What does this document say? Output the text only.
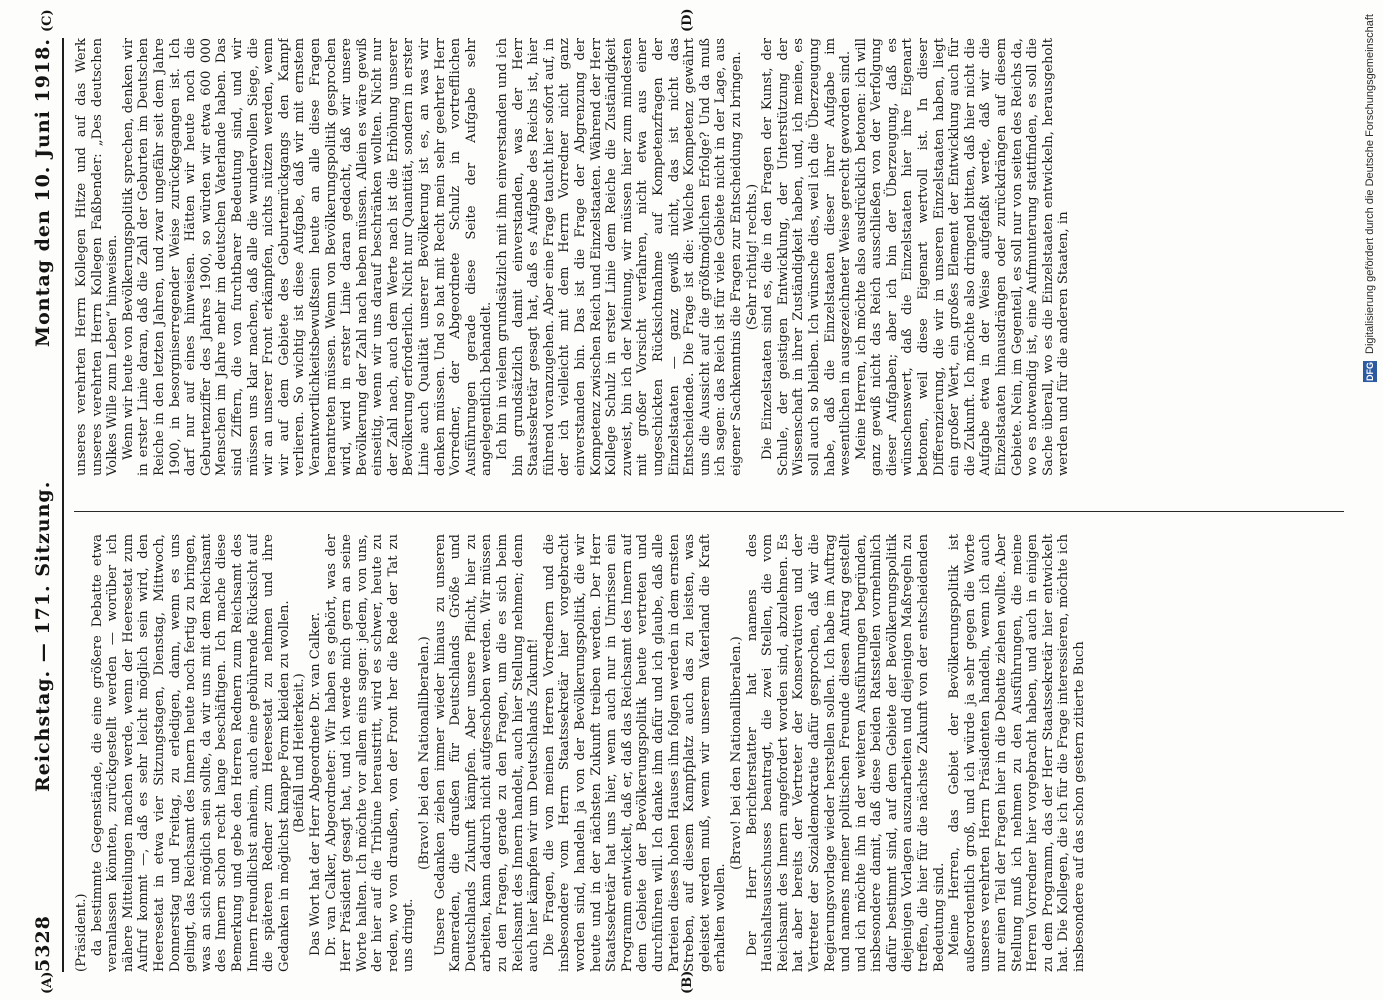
5328
Reichstag. — 171. Sitzung.
Montag den 10. Juni 1918.
(A)	(B)
(C)	(D)

(Präsident.) da bestimmte Gegenstände, die eine größere Debatte etwa veranlassen könnten, zurückgestellt werden — worüber ich nähere Mitteilungen machen werde, wenn der Heeresetat zum Aufruf kommt —, daß es sehr leicht möglich sein wird, den Heeresetat in etwa vier Sitzungstagen, Dienstag, Mittwoch, Donnerstag und Freitag, zu erledigen, dann, wenn es uns gelingt, das Reichsamt des Innern heute noch fertig zu bringen, was an sich möglich sein sollte, da wir uns mit dem Reichsamt des Innern schon recht lange beschäftigen. Ich mache diese Bemerkung und gebe den Herren Rednern zum Reichsamt des Innern freundlichst anheim, auch eine gebührende Rücksicht auf die späteren Redner zum Heeresetat zu nehmen und ihre Gedanken in möglichst knappe Form kleiden zu wollen. (Beifall und Heiterkeit.) Das Wort hat der Herr Abgeordnete Dr. van Calker. Dr. van Calker, Abgeordneter: Wir haben es gehört, was der Herr Präsident gesagt hat, und ich werde mich gern an seine Worte halten. Ich möchte vor allem eins sagen: jedem, von uns, der hier auf die Tribüne heraustritt, wird es schwer, heute zu reden, wo von draußen, von der Front her die Rede der Tat zu uns dringt.

(Bravo! bei den Nationalliberalen.) Unsere Gedanken ziehen immer wieder hinaus zu unseren Kameraden, die draußen für Deutschlands Größe und Deutschlands Zukunft kämpfen. Aber unsere Pflicht, hier zu arbeiten, kann dadurch nicht aufgeschoben werden. Wir müssen zu den Fragen, gerade zu den Fragen, um die es sich beim Reichsamt des Innern handelt, auch hier Stellung nehmen; denn auch hier kämpfen wir um Deutschlands Zukunft! Die Fragen, die von meinen Herren Vorrednern und die insbesondere vom Herrn Staatssekretär hier vorgebracht worden sind, handeln ja von der Bevölkerungspolitik, die wir heute und in der nächsten Zukunft treiben werden. Der Herr Staatssekretär hat uns hier, wenn auch nur in Umrissen ein Programm entwickelt, daß er, daß das Reichsamt des Innern auf dem Gebiete der Bevölkerungspolitik heute vertreten und durchführen will. Ich danke ihm dafür und ich glaube, daß alle Parteien dieses hohen Hauses ihm folgen werden in dem ernsten Streben, auf diesem Kampfplatz auch das zu leisten, was geleistet werden muß, wenn wir unserem Vaterland die Kraft erhalten wollen.

(Bravo! bei den Nationalliberalen.) Der Herr Berichterstatter hat namens des Haushaltsausschusses beantragt, die zwei Stellen, die vom Reichsamt des Innern angefordert worden sind, abzulehnen. Es hat aber bereits der Vertreter der Konservativen und der Vertreter der Sozialdemokratie dafür gesprochen, daß wir die Regierungsvorlage wieder herstellen sollen. Ich habe im Auftrag und namens meiner politischen Freunde diesen Antrag gestellt und ich möchte ihn in der weiteren Ausführungen begründen, insbesondere damit, daß diese beiden Ratsstellen vornehmlich dafür bestimmt sind, auf dem Gebiete der Bevölkerungspolitik diejenigen Vorlagen auszuarbeiten und diejenigen Maßregeln zu treffen, die hier für die nächste Zukunft von der entscheidenden Bedeutung sind. Meine Herren, das Gebiet der Bevölkerungspolitik ist außerordentlich groß, und ich würde ja sehr gegen die Worte unseres verehrten Herrn Präsidenten handeln, wenn ich auch nur einen Teil der Fragen hier in die Debatte ziehen wollte. Aber Stellung muß ich nehmen zu den Ausführungen, die meine Herren Vorredner hier vorgebracht haben, und auch in einigen zu dem Programm, das der Herr Staatssekretär hier entwickelt hat. Die Kollegen, die ich für die Frage interessieren, möchte ich insbesondere auf das schon gestern zitierte Buch

unseres verehrten Herrn Kollegen Hitze und auf das Werk unseres verehrten Herrn Kollegen Faßbender: „Des deutschen Volkes Wille zum Leben“ hinweisen. Wenn wir heute von Bevölkerungspolitik sprechen, denken wir in erster Linie daran, daß die Zahl der Geburten im Deutschen Reiche in den letzten Jahren, und zwar ungefähr seit dem Jahre 1900, in besorgniserregender Weise zurückgegangen ist. Ich darf nur auf eines hinweisen. Hätten wir heute noch die Geburtenziffer des Jahres 1900, so würden wir etwa 600 000 Menschen im Jahre mehr im deutschen Vaterlande haben. Das sind Ziffern, die von furchtbarer Bedeutung sind, und wir müssen uns klar machen, daß alle die wundervollen Siege, die wir an unserer Front erkämpfen, nichts nützen werden, wenn wir auf dem Gebiete des Geburtenrückgangs den Kampf verlieren. So wichtig ist diese Aufgabe, daß wir mit ernstem Verantwortlichkeitsbewußtsein heute an alle diese Fragen herantreten müssen. Wenn von Bevölkerungspolitik gesprochen wird, wird in erster Linie daran gedacht, daß wir unsere Bevölkerung der Zahl nach heben müssen. Allein es wäre gewiß einseitig, wenn wir uns darauf beschränken wollten. Nicht nur der Zahl nach, auch dem Werte nach ist die Erhöhung unserer Bevölkerung erforderlich. Nicht nur Quantität, sondern in erster Linie auch Qualität unserer Bevölkerung ist es, an was wir denken müssen. Und so hat mit Recht mein sehr geehrter Herr Vorredner, der Abgeordnete Schulz in vortrefflichen Ausführungen gerade diese Seite der Aufgabe sehr angelegentlich behandelt. Ich bin in vielem grundsätzlich mit ihm einverstanden und ich bin grundsätzlich damit einverstanden, was der Herr Staatssekretär gesagt hat, daß es Aufgabe des Reichs ist, hier führend voranzugehen. Aber eine Frage taucht hier sofort auf, in der ich vielleicht mit dem Herrn Vorredner nicht ganz einverstanden bin. Das ist die Frage der Abgrenzung der Kompetenz zwischen Reich und Einzelstaaten. Während der Herr Kollege Schulz in erster Linie dem Reiche die Zuständigkeit zuweist, bin ich der Meinung, wir müssen hier zum mindesten mit großer Vorsicht verfahren, nicht etwa aus einer ungeschickten Rücksichtnahme auf Kompetenzfragen der Einzelstaaten — ganz gewiß nicht, das ist nicht das Entscheidende. Die Frage ist die: Welche Kompetenz gewährt uns die Aussicht auf die größtmöglichen Erfolge? Und da muß ich sagen: das Reich ist für viele Gebiete nicht in der Lage, aus eigener Sachkenntnis die Fragen zur Entscheidung zu bringen. (Sehr richtig! rechts.) Die Einzelstaaten sind es, die in den Fragen der Kunst, der Schule, der geistigen Entwicklung, der Unterstützung der Wissenschaft in ihrer Zuständigkeit haben, und, ich meine, es soll auch so bleiben. Ich wünsche dies, weil ich die Überzeugung habe, daß die Einzelstaaten dieser ihrer Aufgabe im wesentlichen in ausgezeichneter Weise gerecht geworden sind. Meine Herren, ich möchte also ausdrücklich betonen: ich will ganz gewiß nicht das Reich ausschließen von der Verfolgung dieser Aufgaben; aber ich bin der Überzeugung, daß es wünschenswert, daß die Einzelstaaten hier ihre Eigenart betonen, weil diese Eigenart wertvoll ist. In dieser Differenzierung, die wir in unseren Einzelstaaten haben, liegt ein großer Wert, ein großes Element der Entwicklung auch für die Zukunft. Ich möchte also dringend bitten, daß hier nicht die Aufgabe etwa in der Weise aufgefaßt werde, daß wir die Einzelstaaten hinausdrängen oder zurückdrängen auf diesem Gebiete. Nein, im Gegenteil, es soll nur von seiten des Reichs da, wo es notwendig ist, eine Aufmunterung stattfinden, es soll die Sache überall, wo es die Einzelstaaten entwickeln, herausgeholt werden und für die anderen Staaten, in	DFG Digitalisierung gefördert durch die Deutsche Forschungsgemeinschaft
